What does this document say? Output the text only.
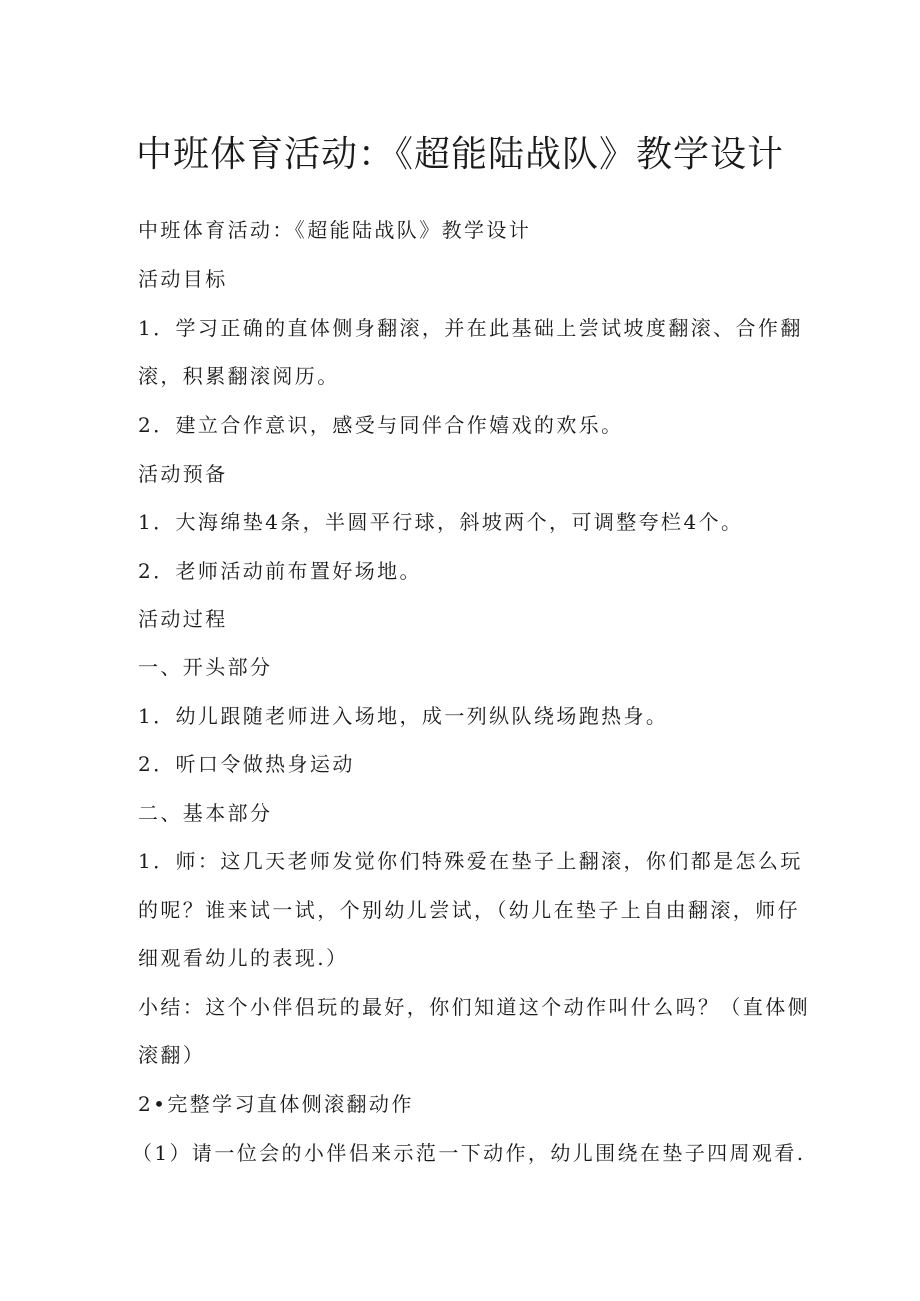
中班体育活动：《超能陆战队》教学设计

中班体育活动：《超能陆战队》教学设计

活动目标

1．学习正确的直体侧身翻滚，并在此基础上尝试坡度翻滚、合作翻

滚，积累翻滚阅历。

2．建立合作意识，感受与同伴合作嬉戏的欢乐。

活动预备

1．大海绵垫4条，半圆平行球，斜坡两个，可调整夸栏4个。

2．老师活动前布置好场地。

活动过程

一、开头部分

1．幼儿跟随老师进入场地，成一列纵队绕场跑热身。

2．听口令做热身运动

二、基本部分

1．师：这几天老师发觉你们特殊爱在垫子上翻滚，你们都是怎么玩

的呢？谁来试一试，个别幼儿尝试，（幼儿在垫子上自由翻滚，师仔

细观看幼儿的表现.）

小结：这个小伴侣玩的最好，你们知道这个动作叫什么吗？（直体侧

滚翻）

2•完整学习直体侧滚翻动作

（1）请一位会的小伴侣来示范一下动作，幼儿围绕在垫子四周观看.
